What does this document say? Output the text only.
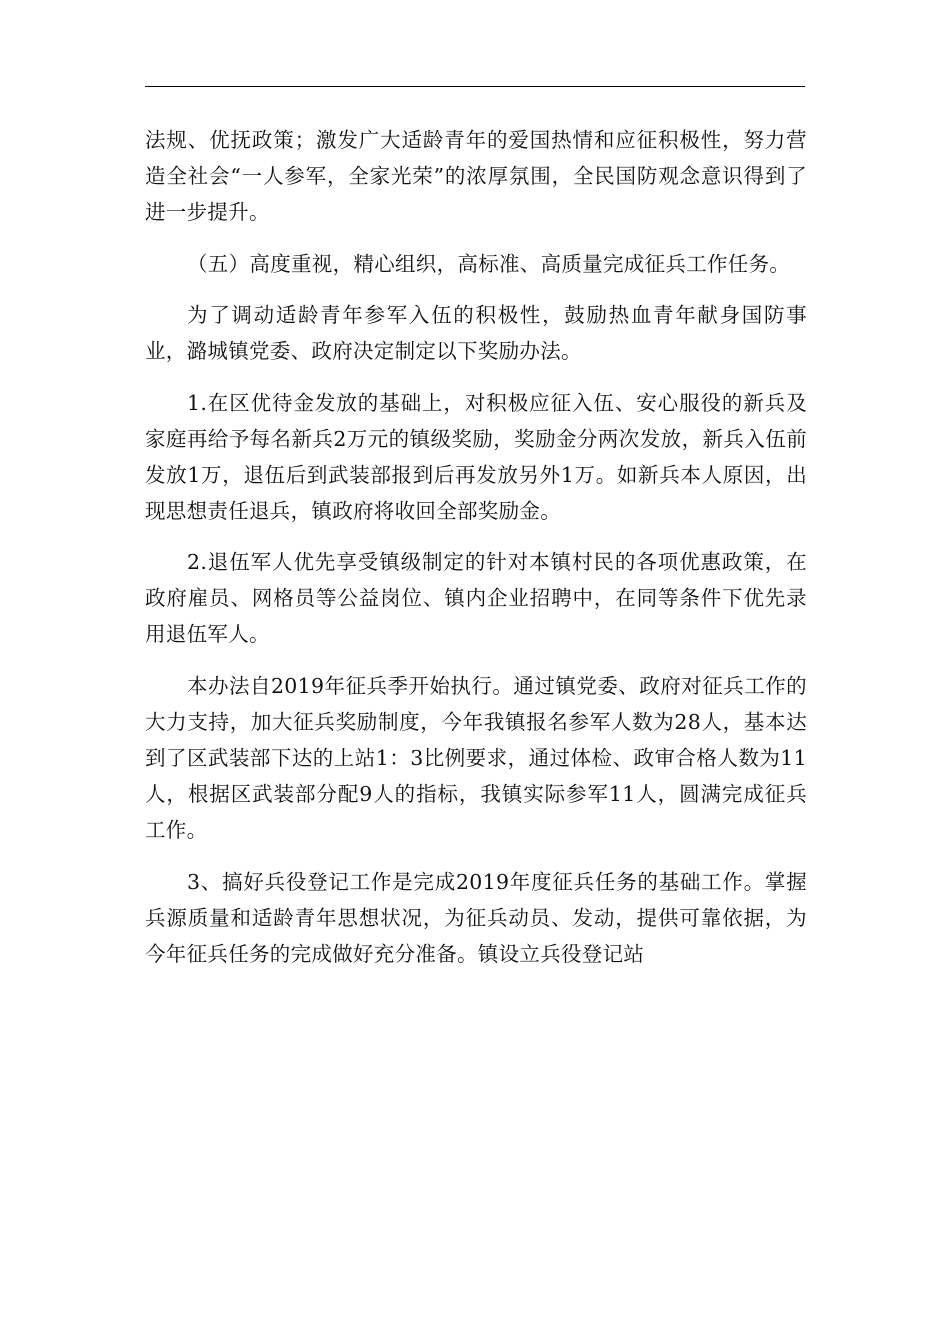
法规、优抚政策；激发广大适龄青年的爱国热情和应征积极性，努力营造全社会“一人参军，全家光荣”的浓厚氛围，全民国防观念意识得到了进一步提升。

（五）高度重视，精心组织，高标准、高质量完成征兵工作任务。

为了调动适龄青年参军入伍的积极性，鼓励热血青年献身国防事业，潞城镇党委、政府决定制定以下奖励办法。

1.在区优待金发放的基础上，对积极应征入伍、安心服役的新兵及家庭再给予每名新兵2万元的镇级奖励，奖励金分两次发放，新兵入伍前发放1万，退伍后到武装部报到后再发放另外1万。如新兵本人原因，出现思想责任退兵，镇政府将收回全部奖励金。

2.退伍军人优先享受镇级制定的针对本镇村民的各项优惠政策，在政府雇员、网格员等公益岗位、镇内企业招聘中，在同等条件下优先录用退伍军人。

本办法自2019年征兵季开始执行。通过镇党委、政府对征兵工作的大力支持，加大征兵奖励制度，今年我镇报名参军人数为28人，基本达到了区武装部下达的上站1：3比例要求，通过体检、政审合格人数为11人，根据区武装部分配9人的指标，我镇实际参军11人，圆满完成征兵工作。

3、搞好兵役登记工作是完成2019年度征兵任务的基础工作。掌握兵源质量和适龄青年思想状况，为征兵动员、发动，提供可靠依据，为今年征兵任务的完成做好充分准备。镇设立兵役登记站
